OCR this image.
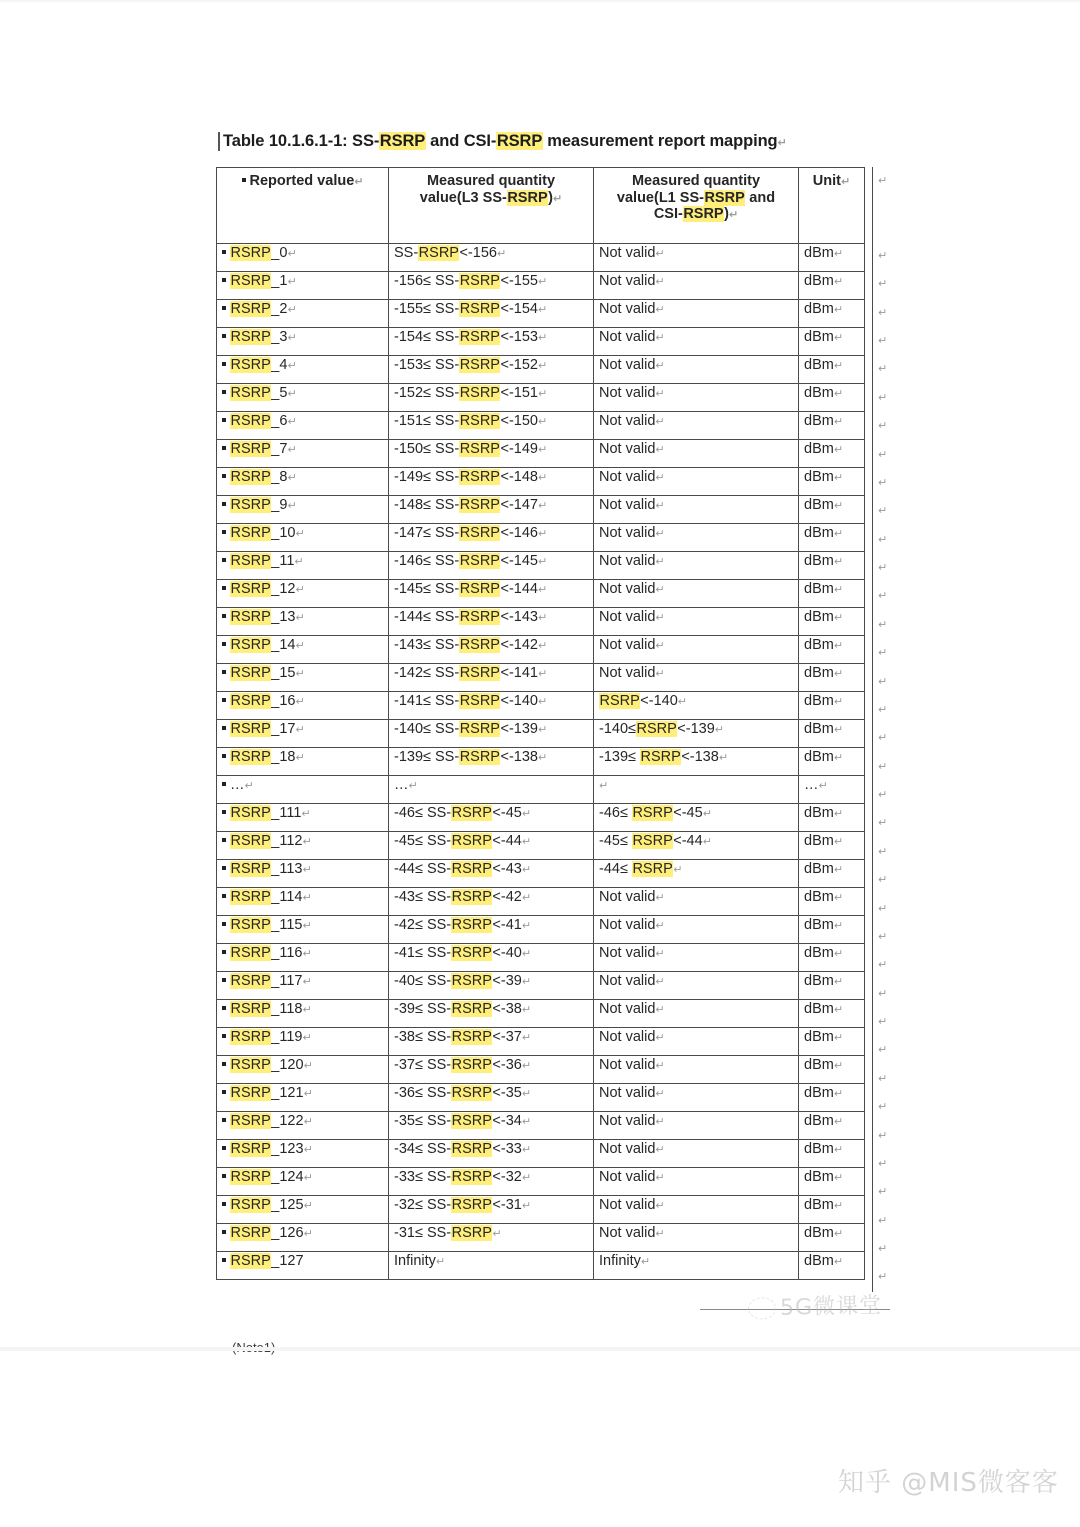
Table 10.1.6.1-1: SS-RSRP and CSI-RSRP measurement report mapping↵
Reported value↵	Measured quantity
value(L3 SS-RSRP)↵	Measured quantity
value(L1 SS-RSRP and
CSI-RSRP)↵	Unit↵
RSRP_0↵	SS-RSRP<-156↵	Not valid↵	dBm↵
RSRP_1↵	-156≤ SS-RSRP<-155↵	Not valid↵	dBm↵
RSRP_2↵	-155≤ SS-RSRP<-154↵	Not valid↵	dBm↵
RSRP_3↵	-154≤ SS-RSRP<-153↵	Not valid↵	dBm↵
RSRP_4↵	-153≤ SS-RSRP<-152↵	Not valid↵	dBm↵
RSRP_5↵	-152≤ SS-RSRP<-151↵	Not valid↵	dBm↵
RSRP_6↵	-151≤ SS-RSRP<-150↵	Not valid↵	dBm↵
RSRP_7↵	-150≤ SS-RSRP<-149↵	Not valid↵	dBm↵
RSRP_8↵	-149≤ SS-RSRP<-148↵	Not valid↵	dBm↵
RSRP_9↵	-148≤ SS-RSRP<-147↵	Not valid↵	dBm↵
RSRP_10↵	-147≤ SS-RSRP<-146↵	Not valid↵	dBm↵
RSRP_11↵	-146≤ SS-RSRP<-145↵	Not valid↵	dBm↵
RSRP_12↵	-145≤ SS-RSRP<-144↵	Not valid↵	dBm↵
RSRP_13↵	-144≤ SS-RSRP<-143↵	Not valid↵	dBm↵
RSRP_14↵	-143≤ SS-RSRP<-142↵	Not valid↵	dBm↵
RSRP_15↵	-142≤ SS-RSRP<-141↵	Not valid↵	dBm↵
RSRP_16↵	-141≤ SS-RSRP<-140↵	RSRP<-140↵	dBm↵
RSRP_17↵	-140≤ SS-RSRP<-139↵	-140≤RSRP<-139↵	dBm↵
RSRP_18↵	-139≤ SS-RSRP<-138↵	-139≤ RSRP<-138↵	dBm↵
…↵	…↵	↵	…↵
RSRP_111↵	-46≤ SS-RSRP<-45↵	-46≤ RSRP<-45↵	dBm↵
RSRP_112↵	-45≤ SS-RSRP<-44↵	-45≤ RSRP<-44↵	dBm↵
RSRP_113↵	-44≤ SS-RSRP<-43↵	-44≤ RSRP↵	dBm↵
RSRP_114↵	-43≤ SS-RSRP<-42↵	Not valid↵	dBm↵
RSRP_115↵	-42≤ SS-RSRP<-41↵	Not valid↵	dBm↵
RSRP_116↵	-41≤ SS-RSRP<-40↵	Not valid↵	dBm↵
RSRP_117↵	-40≤ SS-RSRP<-39↵	Not valid↵	dBm↵
RSRP_118↵	-39≤ SS-RSRP<-38↵	Not valid↵	dBm↵
RSRP_119↵	-38≤ SS-RSRP<-37↵	Not valid↵	dBm↵
RSRP_120↵	-37≤ SS-RSRP<-36↵	Not valid↵	dBm↵
RSRP_121↵	-36≤ SS-RSRP<-35↵	Not valid↵	dBm↵
RSRP_122↵	-35≤ SS-RSRP<-34↵	Not valid↵	dBm↵
RSRP_123↵	-34≤ SS-RSRP<-33↵	Not valid↵	dBm↵
RSRP_124↵	-33≤ SS-RSRP<-32↵	Not valid↵	dBm↵
RSRP_125↵	-32≤ SS-RSRP<-31↵	Not valid↵	dBm↵
RSRP_126↵	-31≤ SS-RSRP↵	Not valid↵	dBm↵
RSRP_127	Infinity↵	Infinity↵	dBm↵
↵
↵
↵
↵
↵
↵
↵
↵
↵
↵
↵
↵
↵
↵
↵
↵
↵
↵
↵
↵
↵
↵
↵
↵
↵
↵
↵
↵
↵
↵
↵
↵
↵
↵
↵
↵
↵
↵
5G微课堂
知乎 @MIS微客客
